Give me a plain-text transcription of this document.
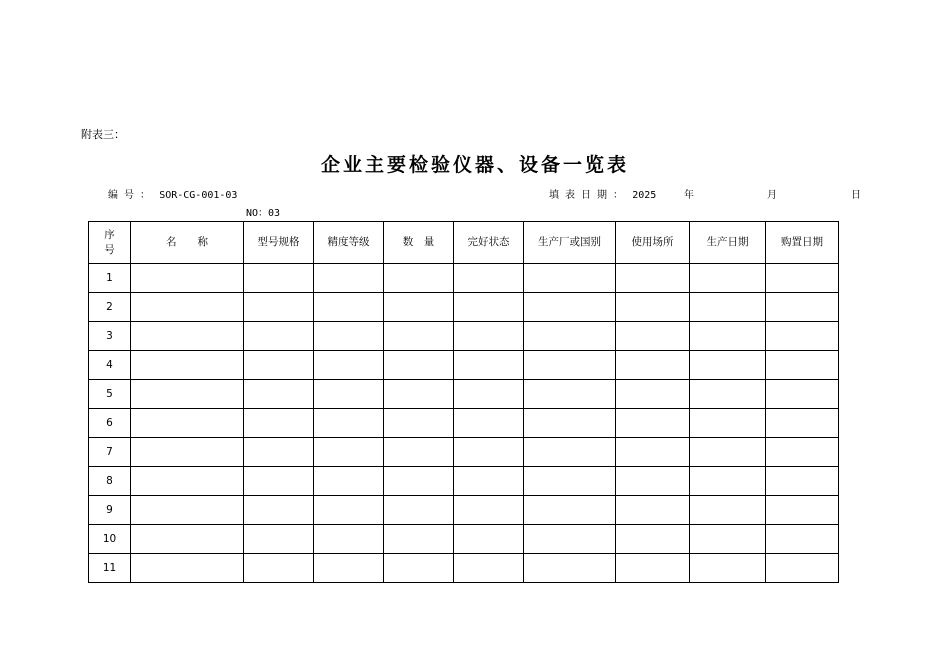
附表三：
企业主要检验仪器、设备一览表
编号： SOR-CG-001-03	填表日期： 2025	年	月	日
NO：03
序号	名　　称	型号规格	精度等级	数　量	完好状态	生产厂或国别	使用场所	生产日期	购置日期
1									
2									
3									
4									
5									
6									
7									
8									
9									
10									
11									
